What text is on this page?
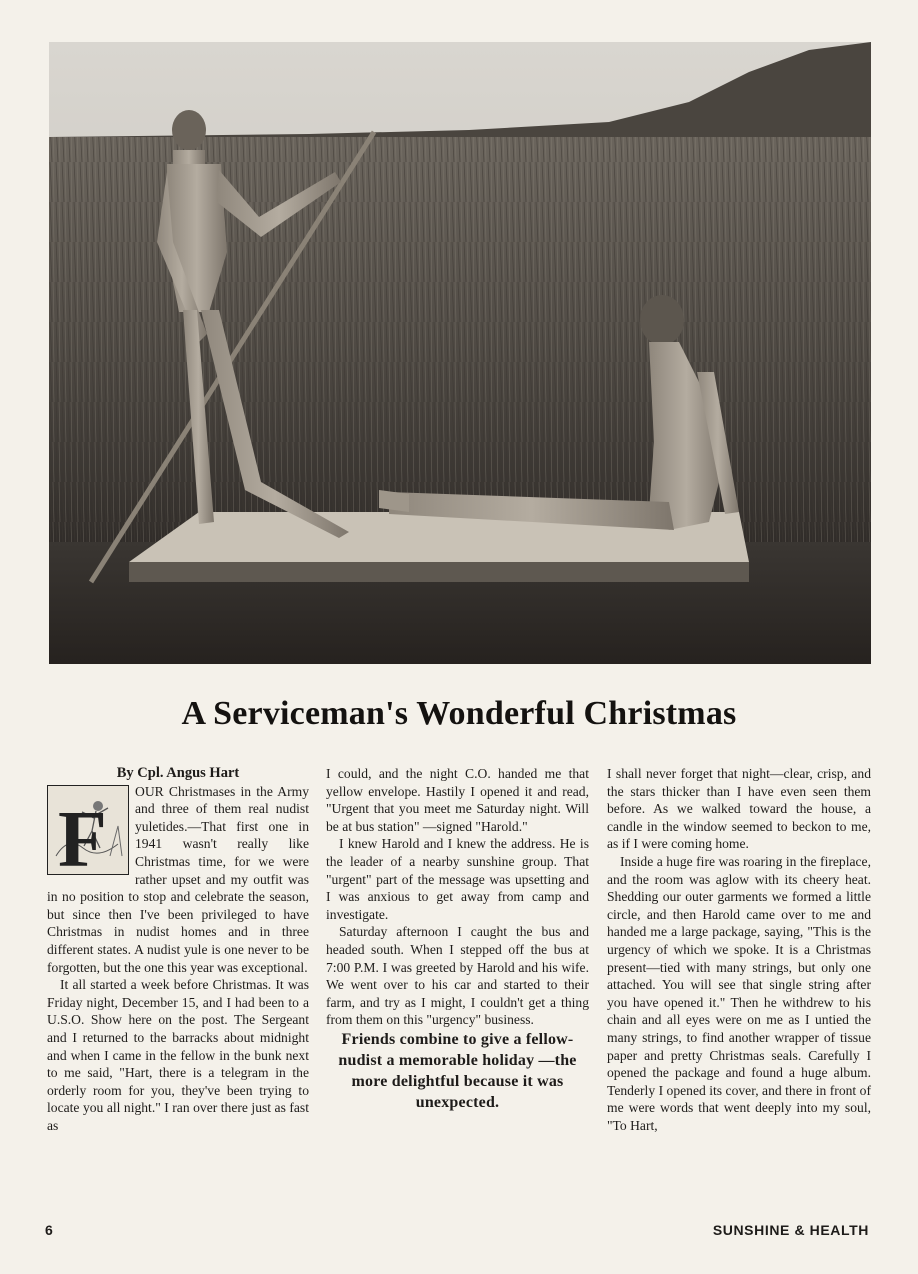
A Serviceman's Wonderful Christmas

By Cpl. Angus Hart

F

OUR Christmases in the Army and three of them real nudist yuletides.—That first one in 1941 wasn't really like Christmas time, for we were rather upset and my outfit was in no position to stop and celebrate the season, but since then I've been privileged to have Christmas in nudist homes and in three different states. A nudist yule is one never to be forgotten, but the one this year was exceptional.

It all started a week before Christmas. It was Friday night, December 15, and I had been to a U.S.O. Show here on the post. The Sergeant and I returned to the barracks about midnight and when I came in the fellow in the bunk next to me said, "Hart, there is a telegram in the orderly room for you, they've been trying to locate you all night." I ran over there just as fast as

I could, and the night C.O. handed me that yellow envelope. Hastily I opened it and read, "Urgent that you meet me Saturday night. Will be at bus station" —signed "Harold."

I knew Harold and I knew the address. He is the leader of a nearby sunshine group. That "urgent" part of the message was upsetting and I was anxious to get away from camp and investigate.

Saturday afternoon I caught the bus and headed south. When I stepped off the bus at 7:00 P.M. I was greeted by Harold and his wife. We went over to his car and started to their farm, and try as I might, I couldn't get a thing from them on this "urgency" business.

Friends combine to give a fellow-nudist a memorable holiday —the more delightful because it was unexpected.

I shall never forget that night—clear, crisp, and the stars thicker than I have even seen them before. As we walked toward the house, a candle in the window seemed to beckon to me, as if I were coming home.

Inside a huge fire was roaring in the fireplace, and the room was aglow with its cheery heat. Shedding our outer garments we formed a little circle, and then Harold came over to me and handed me a large package, saying, "This is the urgency of which we spoke. It is a Christmas present—tied with many strings, but only one attached. You will see that single string after you have opened it." Then he withdrew to his chain and all eyes were on me as I untied the many strings, to find another wrapper of tissue paper and pretty Christmas seals. Carefully I opened the package and found a huge album. Tenderly I opened its cover, and there in front of me were words that went deeply into my soul, "To Hart,

6	SUNSHINE & HEALTH
